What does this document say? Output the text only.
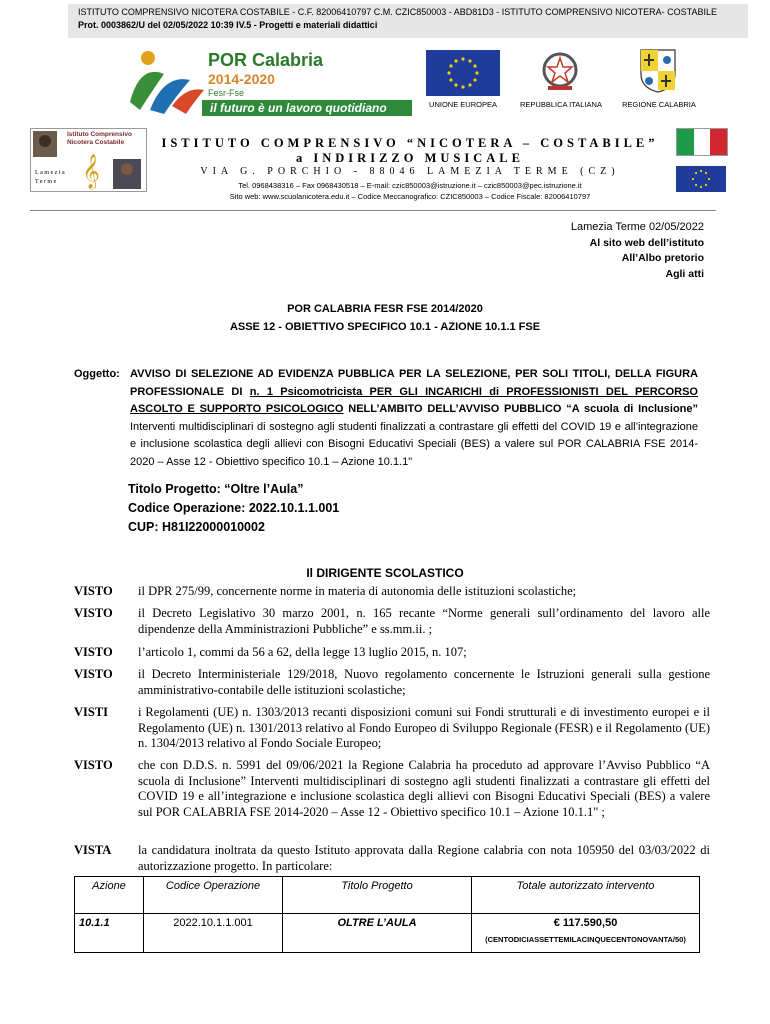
ISTITUTO COMPRENSIVO NICOTERA COSTABILE - C.F. 82006410797 C.M. CZIC850003 - ABD81D3 - ISTITUTO COMPRENSIVO NICOTERA- COSTABILE
Prot. 0003862/U del 02/05/2022 10:39 IV.5 - Progetti e materiali didattici
POR Calabria
2014-2020
Fesr-Fse
il futuro è un lavoro quotidiano	UNIONE EUROPEA	REPUBBLICA ITALIANA	REGIONE CALABRIA
𝄞
Istituto Comprensivo
Nicotera Costabile
Lamezia
Terme
ISTITUTO COMPRENSIVO “NICOTERA – COSTABILE”
a INDIRIZZO MUSICALE
VIA G. PORCHIO - 88046 LAMEZIA TERME (CZ)
Tel. 0968438316 – Fax 0968430518 – E-mail: czic850003@istruzione.it – czic850003@pec.istruzione.it
Sito web: www.scuolanicotera.edu.it – Codice Meccanografico: CZIC850003 – Codice Fiscale: 82006410797
Lamezia Terme 02/05/2022
Al sito web dell’istituto
All’Albo pretorio
Agli atti
POR CALABRIA FESR FSE 2014/2020
ASSE 12 - OBIETTIVO SPECIFICO 10.1 - AZIONE 10.1.1 FSE
Oggetto: AVVISO DI SELEZIONE AD EVIDENZA PUBBLICA PER LA SELEZIONE, PER SOLI TITOLI, DELLA FIGURA PROFESSIONALE DI n. 1 Psicomotricista PER GLI INCARICHI di PROFESSIONISTI DEL PERCORSO ASCOLTO E SUPPORTO PSICOLOGICO NELL’AMBITO DELL’AVVISO PUBBLICO “A scuola di Inclusione” Interventi multidisciplinari di sostegno agli studenti finalizzati a contrastare gli effetti del COVID 19 e all’integrazione e inclusione scolastica degli allievi con Bisogni Educativi Speciali (BES) a valere sul POR CALABRIA FSE 2014-2020 – Asse 12 - Obiettivo specifico 10.1 – Azione 10.1.1"
Titolo Progetto: “Oltre l’Aula”
Codice Operazione: 2022.10.1.1.001
CUP: H81I22000010002
Il DIRIGENTE SCOLASTICO
VISTO il DPR 275/99, concernente norme in materia di autonomia delle istituzioni scolastiche;
VISTO il Decreto Legislativo 30 marzo 2001, n. 165 recante “Norme generali sull’ordinamento del lavoro alle dipendenze della Amministrazioni Pubbliche” e ss.mm.ii. ;
VISTO l’articolo 1, commi da 56 a 62, della legge 13 luglio 2015, n. 107;
VISTO il Decreto Interministeriale 129/2018, Nuovo regolamento concernente le Istruzioni generali sulla gestione amministrativo-contabile delle istituzioni scolastiche;
VISTI i Regolamenti (UE) n. 1303/2013 recanti disposizioni comuni sui Fondi strutturali e di investimento europei e il Regolamento (UE) n. 1301/2013 relativo al Fondo Europeo di Sviluppo Regionale (FESR) e il Regolamento (UE) n. 1304/2013 relativo al Fondo Sociale Europeo;
VISTO che con D.D.S. n. 5991 del 09/06/2021 la Regione Calabria ha proceduto ad approvare l’Avviso Pubblico “A scuola di Inclusione” Interventi multidisciplinari di sostegno agli studenti finalizzati a contrastare gli effetti del COVID 19 e all’integrazione e inclusione scolastica degli allievi con Bisogni Educativi Speciali (BES) a valere sul POR CALABRIA FSE 2014-2020 – Asse 12 - Obiettivo specifico 10.1 – Azione 10.1.1" ;
VISTA la candidatura inoltrata da questo Istituto approvata dalla Regione calabria con nota 105950 del 03/03/2022 di autorizzazione progetto. In particolare:
Azione	Codice Operazione	Titolo Progetto	Totale autorizzato intervento
10.1.1	2022.10.1.1.001	OLTRE L’AULA	€ 117.590,50
(CENTODICIASSETTEMILACINQUECENTONOVANTA/50)
